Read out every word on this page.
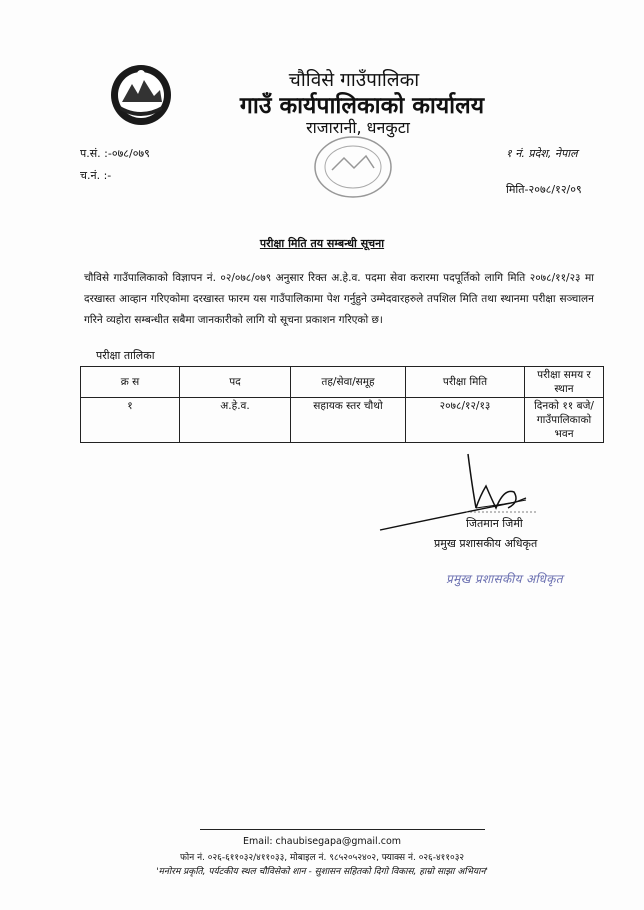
चौविसे गाउँपालिका
गाउँ कार्यपालिकाको कार्यालय
राजारानी, धनकुटा
प.सं. :-०७८/०७९
च.नं. :-
१ नं. प्रदेश, नेपाल
मिति-२०७८/१२/०९
परीक्षा मिति तय सम्बन्धी सूचना
चौविसे गाउँपालिकाको विज्ञापन नं. ०२/०७८/०७९ अनुसार रिक्त अ.हे.व. पदमा सेवा करारमा पदपूर्तिको लागि मिति २०७८/११/२३ मा दरखास्त आव्हान गरिएकोमा दरखास्त फारम यस गाउँपालिकामा पेश गर्नुहुने उम्मेदवारहरुले तपशिल मिति तथा स्थानमा परीक्षा सञ्चालन गरिने व्यहोरा सम्बन्धीत सबैमा जानकारीको लागि यो सूचना प्रकाशन गरिएको छ।
परीक्षा तालिका
क्र स	पद	तह/सेवा/समूह	परीक्षा मिति	परीक्षा समय र स्थान
१	अ.हे.व.	सहायक स्तर चौथो	२०७८/१२/१३	दिनको ११ बजे/ गाउँपालिकाको भवन
जितमान जिमी
प्रमुख प्रशासकीय अधिकृत
प्रमुख प्रशासकीय अधिकृत
Email: chaubisegapa@gmail.com
फोन नं. ०२६-६११०३२/४११०३३, मोबाइल नं. ९८५२०५२४०२, फ्याक्स नं. ०२६-४११०३२
'मनोरम प्रकृति, पर्यटकीय स्थल चौविसेको शान - सुशासन सहितको दिगो विकास, हाम्रो साझा अभियान'
